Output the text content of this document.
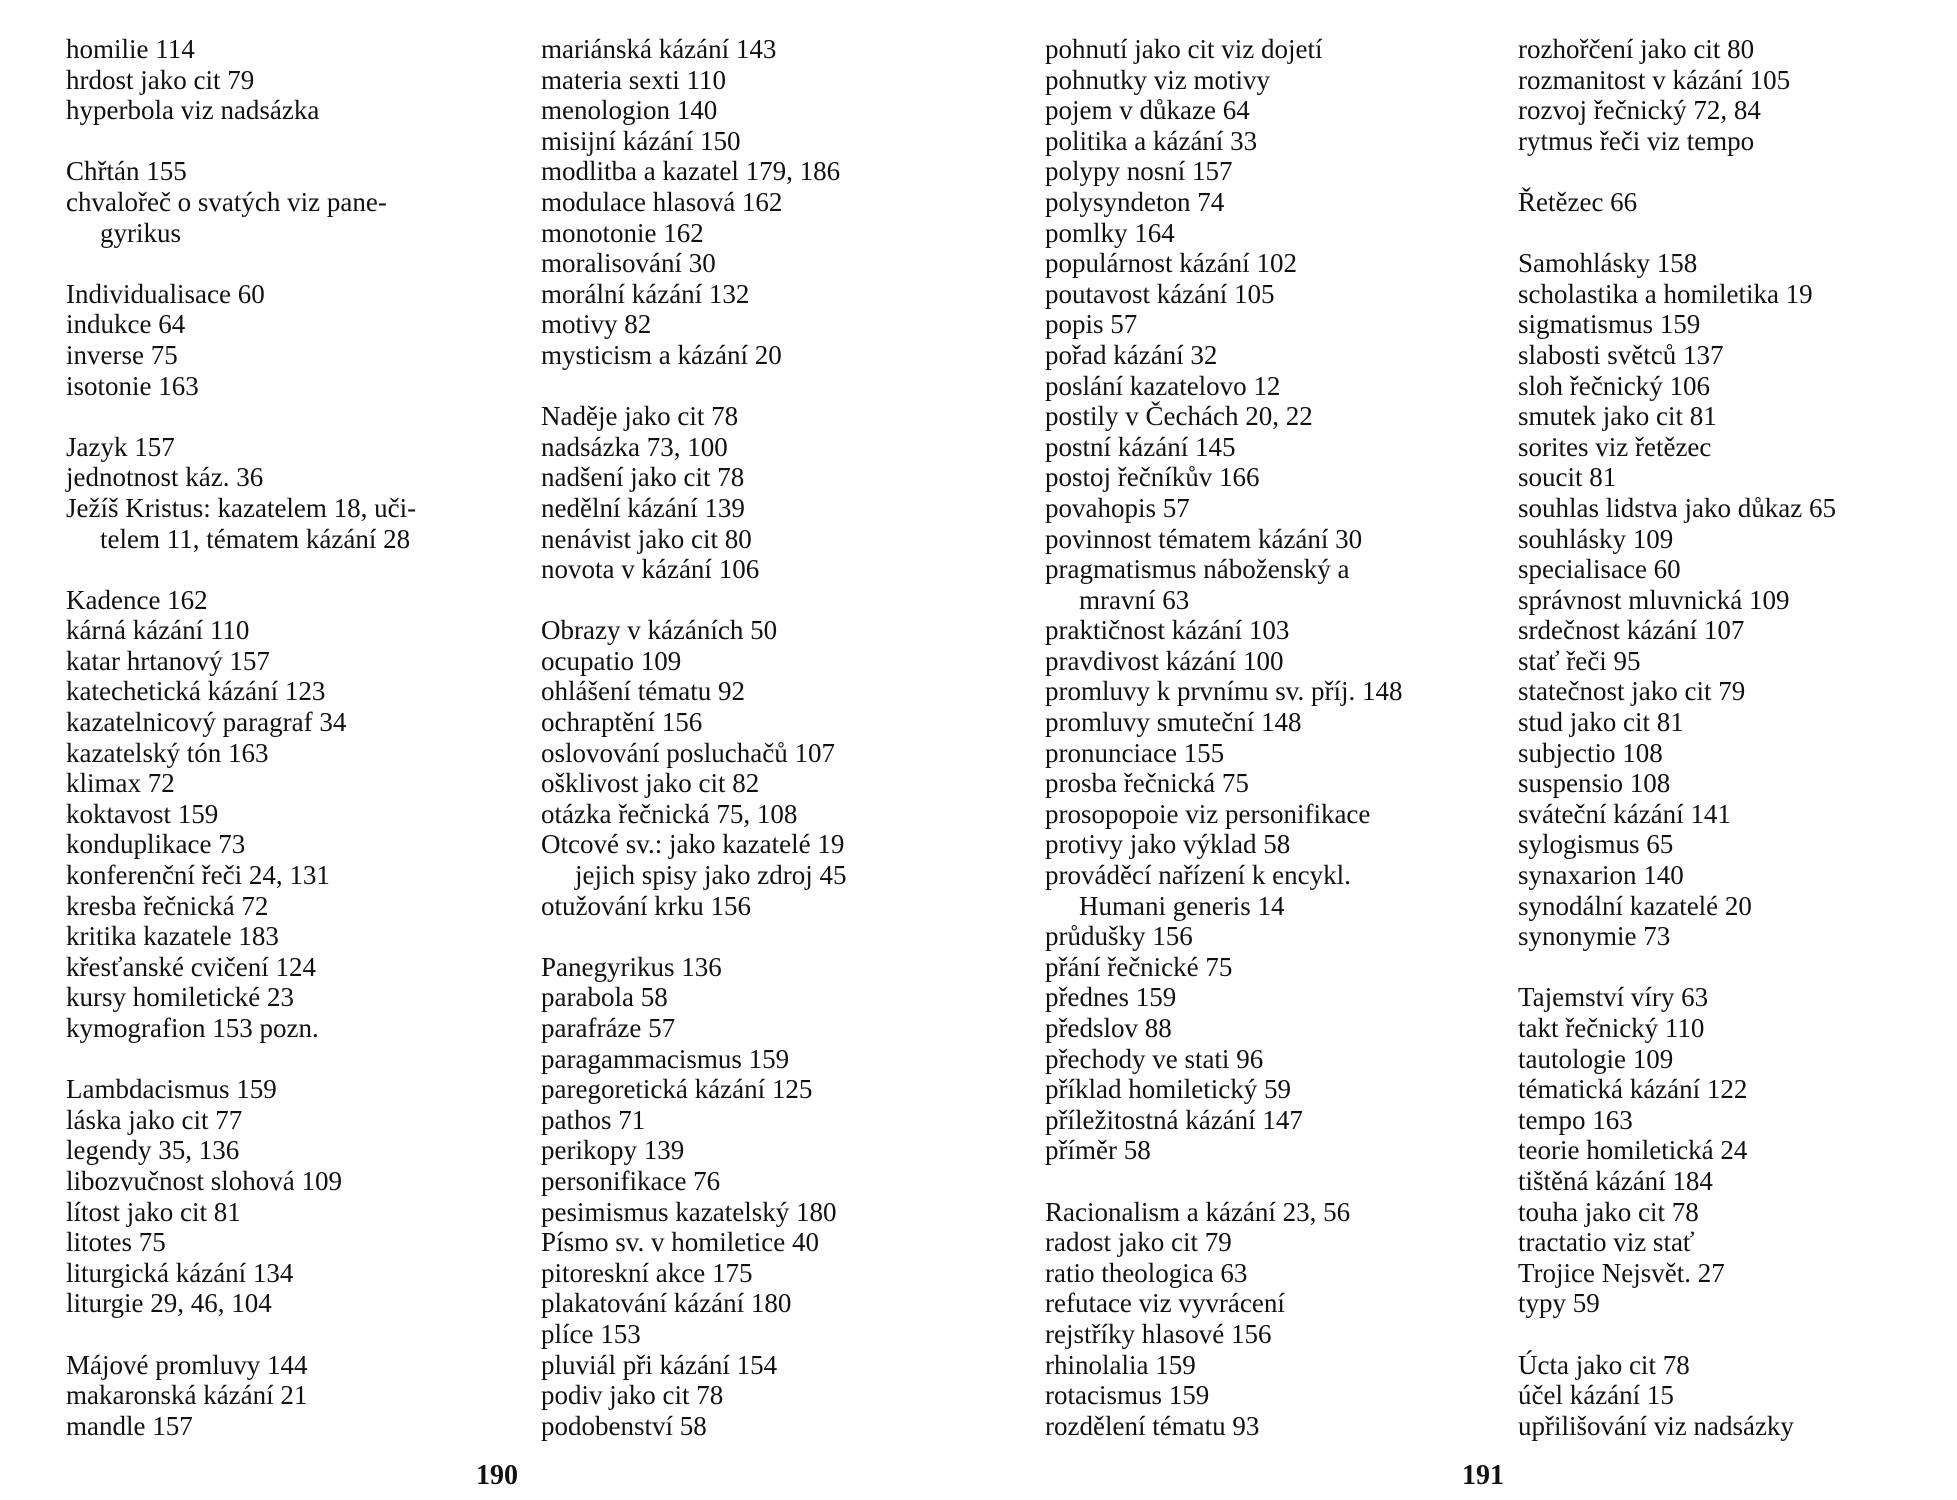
homilie 114
hrdost jako cit 79
hyperbola viz nadsázka
Chřtán 155
chvalořeč o svatých viz pane-
gyrikus
Individualisace 60
indukce 64
inverse 75
isotonie 163
Jazyk 157
jednotnost káz. 36
Ježíš Kristus: kazatelem 18, uči-
telem 11, tématem kázání 28
Kadence 162
kárná kázání 110
katar hrtanový 157
katechetická kázání 123
kazatelnicový paragraf 34
kazatelský tón 163
klimax 72
koktavost 159
konduplikace 73
konferenční řeči 24, 131
kresba řečnická 72
kritika kazatele 183
křesťanské cvičení 124
kursy homiletické 23
kymografion 153 pozn.
Lambdacismus 159
láska jako cit 77
legendy 35, 136
libozvučnost slohová 109
lítost jako cit 81
litotes 75
liturgická kázání 134
liturgie 29, 46, 104
Májové promluvy 144
makaronská kázání 21
mandle 157
mariánská kázání 143
materia sexti 110
menologion 140
misijní kázání 150
modlitba a kazatel 179, 186
modulace hlasová 162
monotonie 162
moralisování 30
morální kázání 132
motivy 82
mysticism a kázání 20
Naděje jako cit 78
nadsázka 73, 100
nadšení jako cit 78
nedělní kázání 139
nenávist jako cit 80
novota v kázání 106
Obrazy v kázáních 50
ocupatio 109
ohlášení tématu 92
ochraptění 156
oslovování posluchačů 107
ošklivost jako cit 82
otázka řečnická 75, 108
Otcové sv.: jako kazatelé 19
jejich spisy jako zdroj 45
otužování krku 156
Panegyrikus 136
parabola 58
parafráze 57
paragammacismus 159
paregoretická kázání 125
pathos 71
perikopy 139
personifikace 76
pesimismus kazatelský 180
Písmo sv. v homiletice 40
pitoreskní akce 175
plakatování kázání 180
plíce 153
pluviál při kázání 154
podiv jako cit 78
podobenství 58
pohnutí jako cit viz dojetí
pohnutky viz motivy
pojem v důkaze 64
politika a kázání 33
polypy nosní 157
polysyndeton 74
pomlky 164
populárnost kázání 102
poutavost kázání 105
popis 57
pořad kázání 32
poslání kazatelovo 12
postily v Čechách 20, 22
postní kázání 145
postoj řečníkův 166
povahopis 57
povinnost tématem kázání 30
pragmatismus náboženský a
mravní 63
praktičnost kázání 103
pravdivost kázání 100
promluvy k prvnímu sv. příj. 148
promluvy smuteční 148
pronunciace 155
prosba řečnická 75
prosopopoie viz personifikace
protivy jako výklad 58
prováděcí nařízení k encykl.
Humani generis 14
průdušky 156
přání řečnické 75
přednes 159
předslov 88
přechody ve stati 96
příklad homiletický 59
příležitostná kázání 147
příměr 58
Racionalism a kázání 23, 56
radost jako cit 79
ratio theologica 63
refutace viz vyvrácení
rejstříky hlasové 156
rhinolalia 159
rotacismus 159
rozdělení tématu 93
rozhořčení jako cit 80
rozmanitost v kázání 105
rozvoj řečnický 72, 84
rytmus řeči viz tempo
Řetězec 66
Samohlásky 158
scholastika a homiletika 19
sigmatismus 159
slabosti světců 137
sloh řečnický 106
smutek jako cit 81
sorites viz řetězec
soucit 81
souhlas lidstva jako důkaz 65
souhlásky 109
specialisace 60
správnost mluvnická 109
srdečnost kázání 107
stať řeči 95
statečnost jako cit 79
stud jako cit 81
subjectio 108
suspensio 108
sváteční kázání 141
sylogismus 65
synaxarion 140
synodální kazatelé 20
synonymie 73
Tajemství víry 63
takt řečnický 110
tautologie 109
tématická kázání 122
tempo 163
teorie homiletická 24
tištěná kázání 184
touha jako cit 78
tractatio viz stať
Trojice Nejsvět. 27
typy 59
Úcta jako cit 78
účel kázání 15
upřilišování viz nadsázky
190	191
